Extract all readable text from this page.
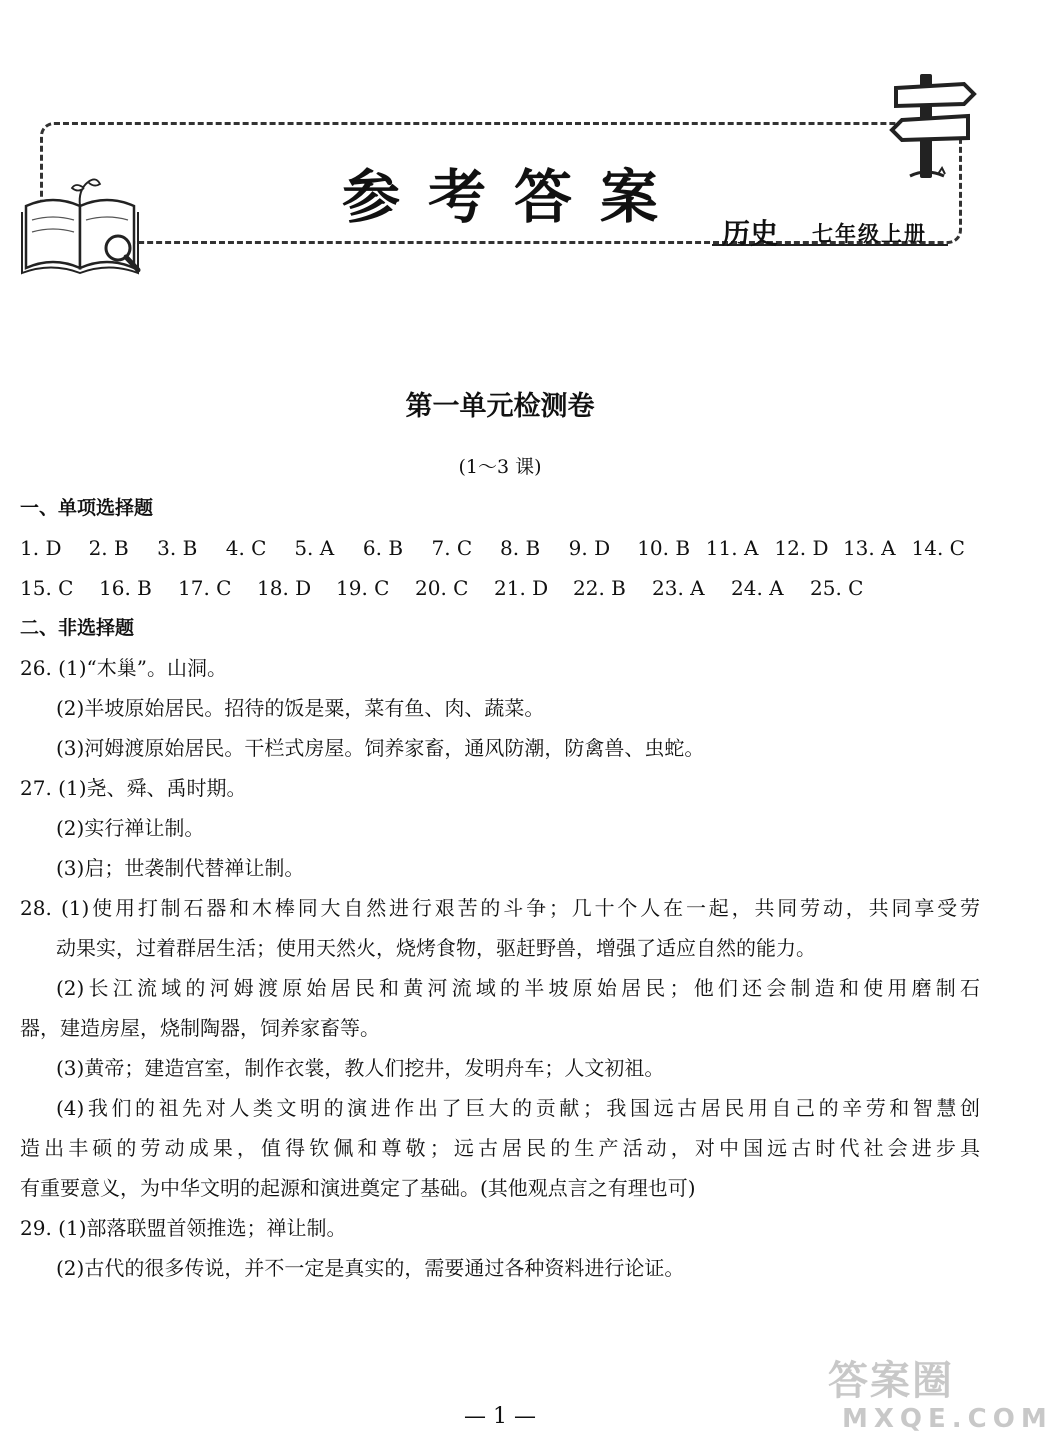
参考答案
历史 七年级上册
第一单元检测卷
(1～3 课)
一、单项选择题
1. D	2. B	3. B	4. C	5. A	6. B	7. C	8. B	9. D	10. B 11. A 12. D 13. A 14. C
15. C	16. B	17. C	18. D	19. C	20. C	21. D	22. B	23. A	24. A	25. C
二、非选择题
26. (1)“木巢”。山洞。
(2)半坡原始居民。招待的饭是粟，菜有鱼、肉、蔬菜。
(3)河姆渡原始居民。干栏式房屋。饲养家畜，通风防潮，防禽兽、虫蛇。
27. (1)尧、舜、禹时期。
(2)实行禅让制。
(3)启；世袭制代替禅让制。
28. (1)使用打制石器和木棒同大自然进行艰苦的斗争；几十个人在一起，共同劳动，共同享受劳
动果实，过着群居生活；使用天然火，烧烤食物，驱赶野兽，增强了适应自然的能力。
(2)长江流域的河姆渡原始居民和黄河流域的半坡原始居民；他们还会制造和使用磨制石
器，建造房屋，烧制陶器，饲养家畜等。
(3)黄帝；建造宫室，制作衣裳，教人们挖井，发明舟车；人文初祖。
(4)我们的祖先对人类文明的演进作出了巨大的贡献；我国远古居民用自己的辛劳和智慧创
造出丰硕的劳动成果，值得钦佩和尊敬；远古居民的生产活动，对中国远古时代社会进步具
有重要意义，为中华文明的起源和演进奠定了基础。(其他观点言之有理也可)
29. (1)部落联盟首领推选；禅让制。
(2)古代的很多传说，并不一定是真实的，需要通过各种资料进行论证。
— 1 —
答案圈
MXQE.COM
